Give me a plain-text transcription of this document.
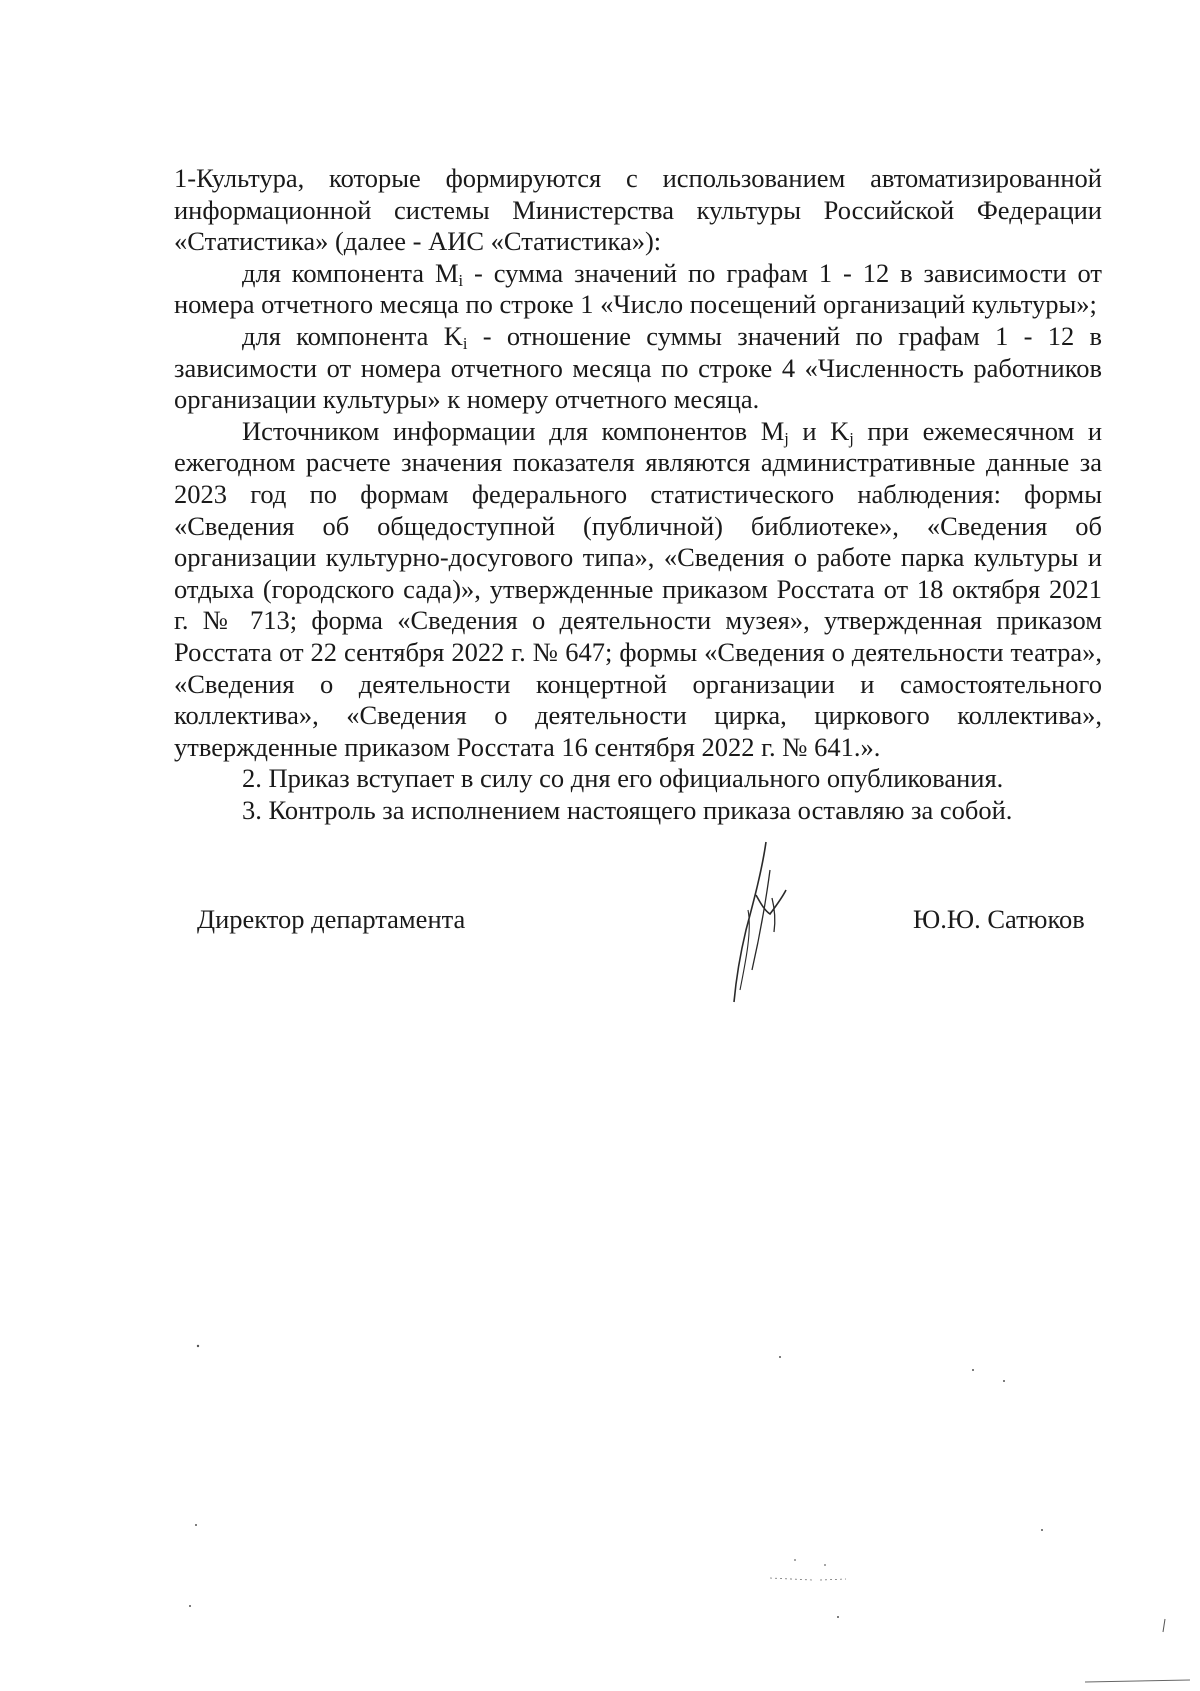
1-Культура, которые формируются с использованием автоматизированной информационной системы Министерства культуры Российской Федерации «Статистика» (далее - АИС «Статистика»):

для компонента $M_i$ - сумма значений по графам 1 - 12 в зависимости от номера отчетного месяца по строке 1 «Число посещений организаций культуры»;

для компонента $K_i$ - отношение суммы значений по графам 1 - 12 в зависимости от номера отчетного месяца по строке 4 «Численность работников организации культуры» к номеру отчетного месяца.

Источником информации для компонентов $M_j$ и $K_j$ при ежемесячном и ежегодном расчете значения показателя являются административные данные за 2023 год по формам федерального статистического наблюдения: формы «Сведения об общедоступной (публичной) библиотеке», «Сведения об организации культурно-досугового типа», «Сведения о работе парка культуры и отдыха (городского сада)», утвержденные приказом Росстата от 18 октября 2021 г. № 713; форма «Сведения о деятельности музея», утвержденная приказом Росстата от 22 сентября 2022 г. № 647; формы «Сведения о деятельности театра», «Сведения о деятельности концертной организации и самостоятельного коллектива», «Сведения о деятельности цирка, циркового коллектива», утвержденные приказом Росстата 16 сентября 2022 г. № 641.».

2. Приказ вступает в силу со дня его официального опубликования.

3. Контроль за исполнением настоящего приказа оставляю за собой.

Директор департамента	Ю.Ю. Сатюков
